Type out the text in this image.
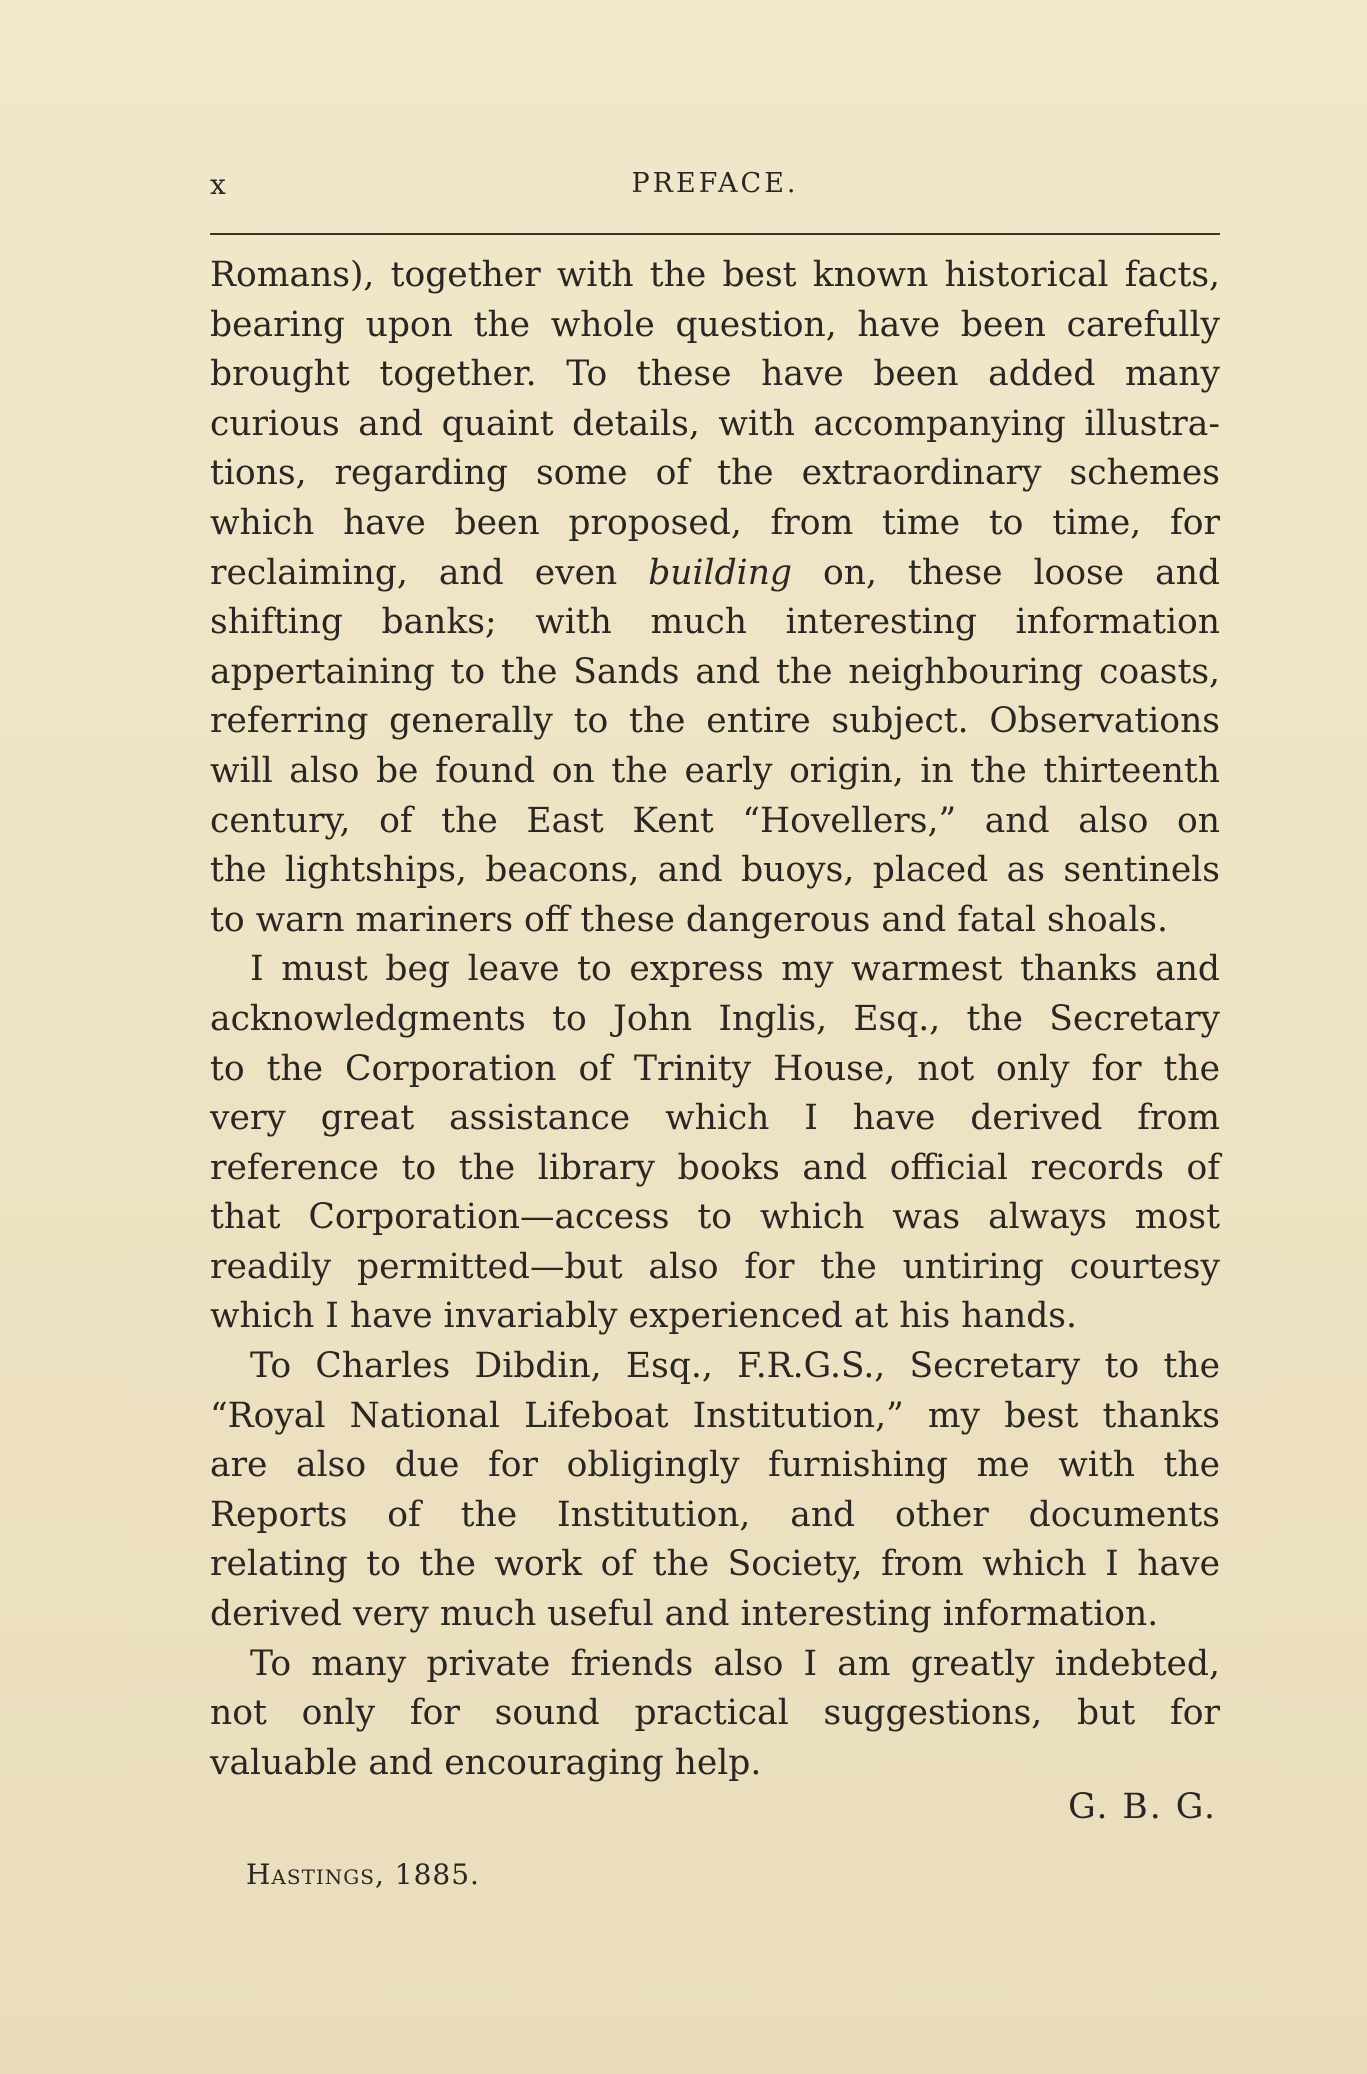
x	PREFACE.
Romans), together with the best known historical facts,
bearing upon the whole question, have been carefully
brought together. To these have been added many
curious and quaint details, with accompanying illustra-
tions, regarding some of the extraordinary schemes
which have been proposed, from time to time, for
reclaiming, and even building on, these loose and
shifting banks; with much interesting information
appertaining to the Sands and the neighbouring coasts,
referring generally to the entire subject. Observations
will also be found on the early origin, in the thirteenth
century, of the East Kent “Hovellers,” and also on
the lightships, beacons, and buoys, placed as sentinels
to warn mariners off these dangerous and fatal shoals.
I must beg leave to express my warmest thanks and
acknowledgments to John Inglis, Esq., the Secretary
to the Corporation of Trinity House, not only for the
very great assistance which I have derived from
reference to the library books and official records of
that Corporation—access to which was always most
readily permitted—but also for the untiring courtesy
which I have invariably experienced at his hands.
To Charles Dibdin, Esq., F.R.G.S., Secretary to the
“Royal National Lifeboat Institution,” my best thanks
are also due for obligingly furnishing me with the
Reports of the Institution, and other documents
relating to the work of the Society, from which I have
derived very much useful and interesting information.
To many private friends also I am greatly indebted,
not only for sound practical suggestions, but for
valuable and encouraging help.
G. B. G.
Hastings, 1885.
